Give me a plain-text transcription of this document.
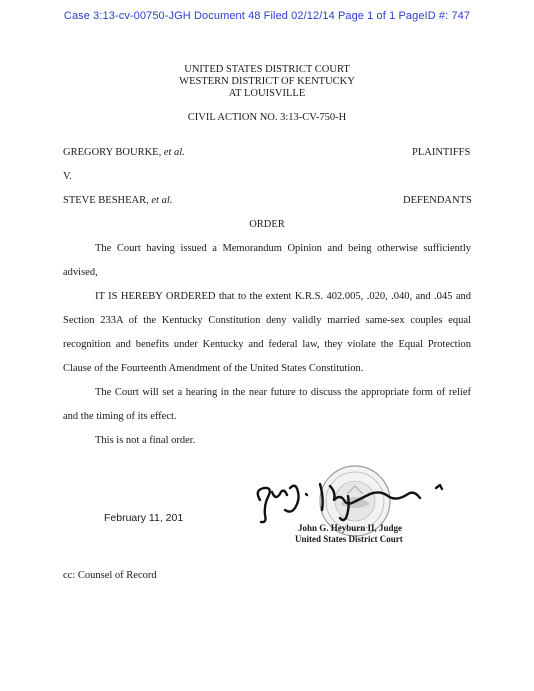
Case 3:13-cv-00750-JGH Document 48 Filed 02/12/14 Page 1 of 1 PageID #: 747
UNITED STATES DISTRICT COURT
WESTERN DISTRICT OF KENTUCKY
AT LOUISVILLE
CIVIL ACTION NO. 3:13-CV-750-H
GREGORY BOURKE, et al.	PLAINTIFFS
V.
STEVE BESHEAR, et al.	DEFENDANTS
ORDER
The Court having issued a Memorandum Opinion and being otherwise sufficiently
advised,
IT IS HEREBY ORDERED that to the extent K.R.S. 402.005, .020, .040, and .045 and
Section 233A of the Kentucky Constitution deny validly married same-sex couples equal
recognition and benefits under Kentucky and federal law, they violate the Equal Protection
Clause of the Fourteenth Amendment of the United States Constitution.
The Court will set a hearing in the near future to discuss the appropriate form of relief
and the timing of its effect.
This is not a final order.
February 11, 201
John G. Heyburn II, Judge
United States District Court
cc: Counsel of Record
